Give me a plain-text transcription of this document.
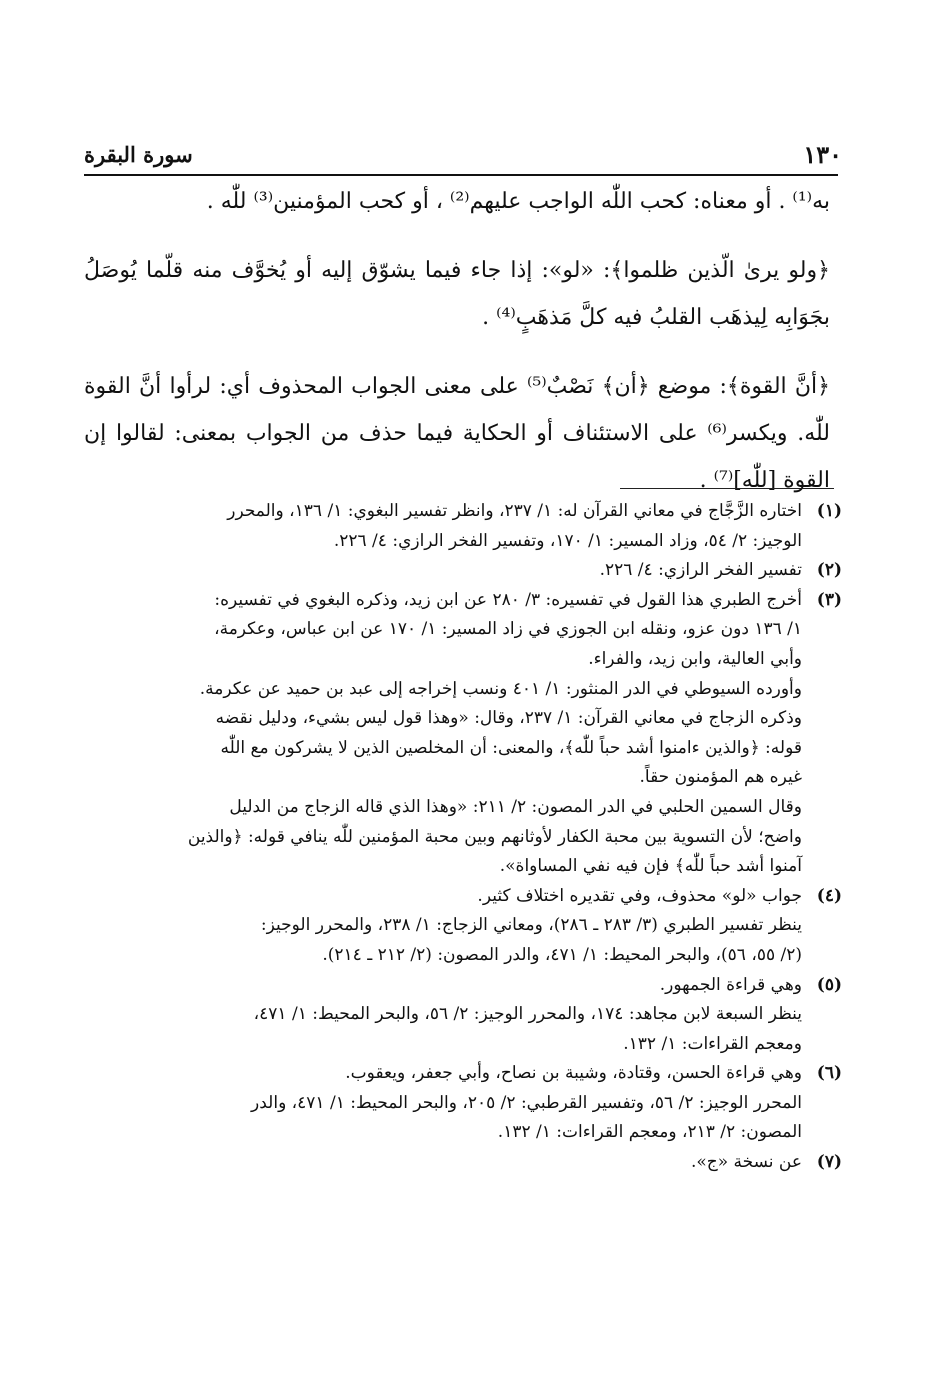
١٣٠
سورة البقرة

به⁽¹⁾ . أو معناه: كحب اللّٰه الواجب عليهم⁽²⁾ ، أو كحب المؤمنين⁽³⁾ للّٰه .

﴿ولو يرىٰ الّذين ظلموا﴾: «لو»: إذا جاء فيما يشوّق إليه أو يُخوَّف منه قلّما يُوصَلُ بجَوَابِه لِيذهَب القلبُ فيه كلَّ مَذهَبٍ⁽⁴⁾ .

﴿أنَّ القوة﴾: موضع ﴿أن﴾ نَصْبٌ⁽⁵⁾ على معنى الجواب المحذوف أي: لرأوا أنَّ القوة للّٰه. ويكسر⁽⁶⁾ على الاستئناف أو الحكاية فيما حذف من الجواب بمعنى: لقالوا إن القوة [للّٰه]⁽⁷⁾ .

(١)

اختاره الزَّجَّاج في معاني القرآن له: ١/ ٢٣٧، وانظر تفسير البغوي: ١/ ١٣٦، والمحرر

الوجيز: ٢/ ٥٤، وزاد المسير: ١/ ١٧٠، وتفسير الفخر الرازي: ٤/ ٢٢٦.

(٢)

تفسير الفخر الرازي: ٤/ ٢٢٦.

(٣)

أخرج الطبري هذا القول في تفسيره: ٣/ ٢٨٠ عن ابن زيد، وذكره البغوي في تفسيره:

١/ ١٣٦ دون عزو، ونقله ابن الجوزي في زاد المسير: ١/ ١٧٠ عن ابن عباس، وعكرمة،

وأبي العالية، وابن زيد، والفراء.

وأورده السيوطي في الدر المنثور: ١/ ٤٠١ ونسب إخراجه إلى عبد بن حميد عن عكرمة.

وذكره الزجاج في معاني القرآن: ١/ ٢٣٧، وقال: «وهذا قول ليس بشيء، ودليل نقضه

قوله: ﴿والذين ءامنوا أشد حباً للّٰه﴾، والمعنى: أن المخلصين الذين لا يشركون مع اللّٰه

غيره هم المؤمنون حقاً.

وقال السمين الحلبي في الدر المصون: ٢/ ٢١١: «وهذا الذي قاله الزجاج من الدليل

واضح؛ لأن التسوية بين محبة الكفار لأوثانهم وبين محبة المؤمنين للّٰه ينافي قوله: ﴿والذين

آمنوا أشد حباً للّٰه﴾ فإن فيه نفي المساواة».

(٤)

جواب «لو» محذوف، وفي تقديره اختلاف كثير.

ينظر تفسير الطبري (٣/ ٢٨٣ ـ ٢٨٦)، ومعاني الزجاج: ١/ ٢٣٨، والمحرر الوجيز:

(٢/ ٥٥، ٥٦)، والبحر المحيط: ١/ ٤٧١، والدر المصون: (٢/ ٢١٢ ـ ٢١٤).

(٥)

وهي قراءة الجمهور.

ينظر السبعة لابن مجاهد: ١٧٤، والمحرر الوجيز: ٢/ ٥٦، والبحر المحيط: ١/ ٤٧١،

ومعجم القراءات: ١/ ١٣٢.

(٦)

وهي قراءة الحسن، وقتادة، وشيبة بن نصاح، وأبي جعفر، ويعقوب.

المحرر الوجيز: ٢/ ٥٦، وتفسير القرطبي: ٢/ ٢٠٥، والبحر المحيط: ١/ ٤٧١، والدر

المصون: ٢/ ٢١٣، ومعجم القراءات: ١/ ١٣٢.

(٧)

عن نسخة «ج».
